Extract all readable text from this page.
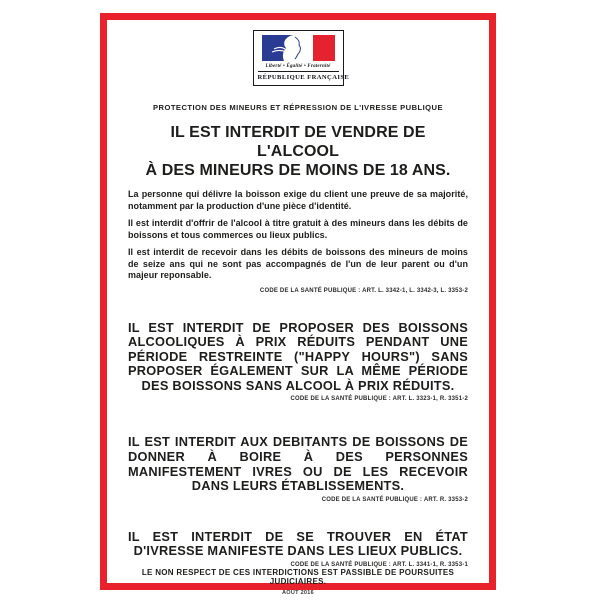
Liberté • Égalité • Fraternité
RÉPUBLIQUE FRANÇAISE
PROTECTION DES MINEURS ET RÉPRESSION DE L'IVRESSE PUBLIQUE
IL EST INTERDIT DE VENDRE DE L'ALCOOL
À DES MINEURS DE MOINS DE 18 ANS.

La personne qui délivre la boisson exige du client une preuve de sa majorité, notamment par la production d'une pièce d'identité.

Il est interdit d'offrir de l'alcool à titre gratuit à des mineurs dans les débits de boissons et tous commerces ou lieux publics.

Il est interdit de recevoir dans les débits de boissons des mineurs de moins de seize ans qui ne sont pas accompagnés de l'un de leur parent ou d'un majeur reponsable.

CODE DE LA SANTÉ PUBLIQUE : ART. L. 3342-1, L. 3342-3, L. 3353-2
IL EST INTERDIT DE PROPOSER DES BOISSONS ALCOOLIQUES À PRIX RÉDUITS PENDANT UNE PÉRIODE RESTREINTE ("HAPPY HOURS") SANS PROPOSER ÉGALEMENT SUR LA MÊME PÉRIODE DES BOISSONS SANS ALCOOL À PRIX RÉDUITS.
CODE DE LA SANTÉ PUBLIQUE : ART. L. 3323-1, R. 3351-2
IL EST INTERDIT AUX DEBITANTS DE BOISSONS DE DONNER À BOIRE À DES PERSONNES MANIFESTEMENT IVRES OU DE LES RECEVOIR DANS LEURS ÉTABLISSEMENTS.
CODE DE LA SANTÉ PUBLIQUE : ART. R. 3353-2
IL EST INTERDIT DE SE TROUVER EN ÉTAT D'IVRESSE MANIFESTE DANS LES LIEUX PUBLICS.
CODE DE LA SANTÉ PUBLIQUE : ART. L. 3341-1, R. 3353-1
LE NON RESPECT DE CES INTERDICTIONS EST PASSIBLE DE POURSUITES JUDICIAIRES.
AOÛT 2016
